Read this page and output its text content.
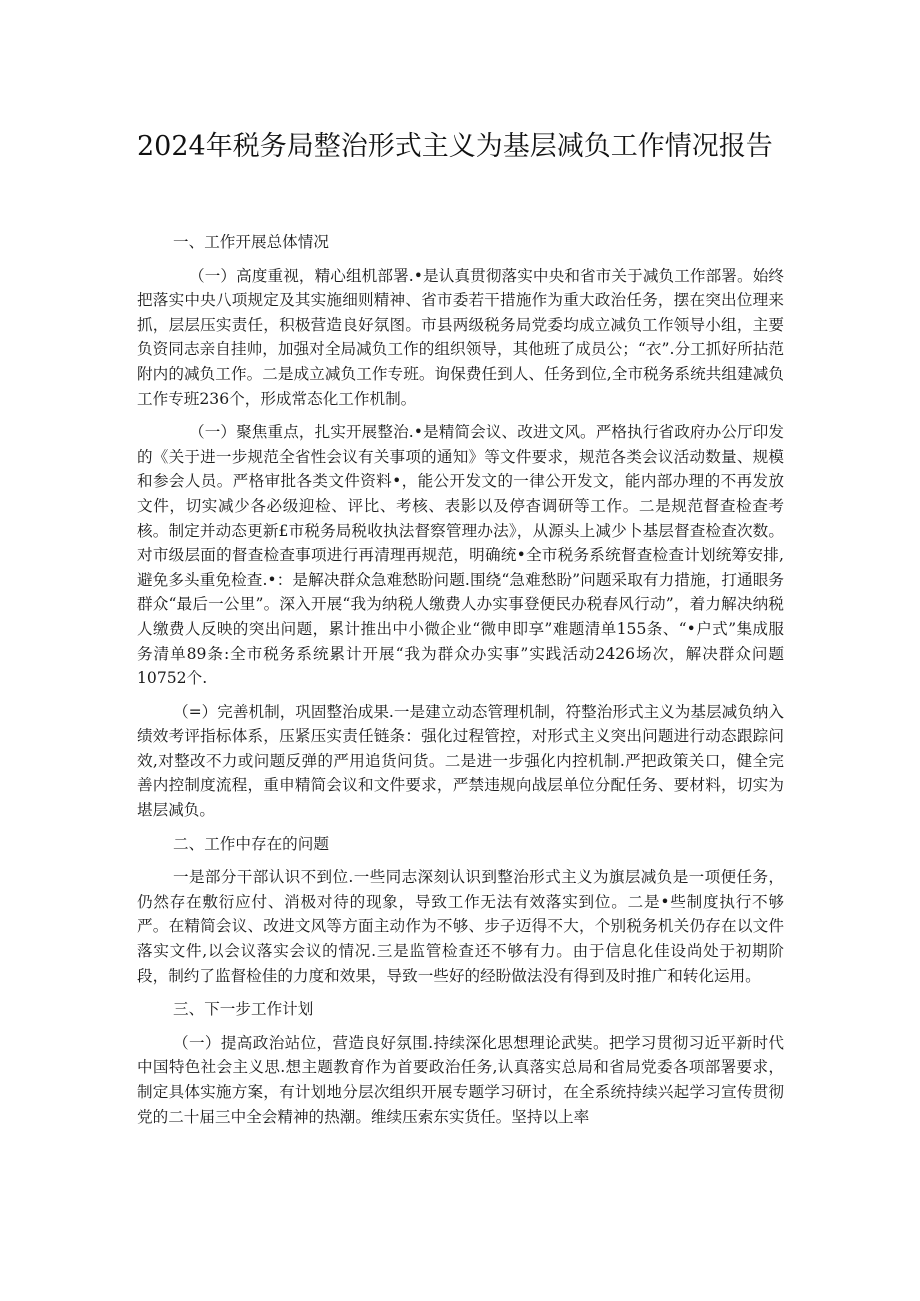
2024年税务局整治形式主义为基层减负工作情况报告

一、工作开展总体情况

（一）高度重视，精心组机部署.•是认真贯彻落实中央和省市关于减负工作部署。始终把落实中央八项规定及其实施细则精神、省市委若干措施作为重大政治任务，摆在突出位理来抓，层层压实责任，积极营造良好氛图。市县两级税务局党委均成立减负工作领导小组，主要负资同志亲自挂帅，加强对全局减负工作的组织领导，其他班了成员公；“衣”.分工抓好所拈范附内的减负工作。二是成立减负工作专班。询保费任到人、任务到位,全市税务系统共组建减负工作专班236个，形成常态化工作机制。

（一）聚焦重点，扎实开展整治.•是精简会议、改进文风。严格执行省政府办公厅印发的《关于进一步规范全省性会议有关事项的通知》等文件要求，规范各类会议活动数量、规模和参会人员。严格审批各类文件资料•，能公开发文的一律公开发文，能内部办理的不再发放文件，切实减少各必级迎检、评比、考核、表影以及停杳调研等工作。二是规范督查检查考核。制定并动态更新£市税务局税收执法督察管理办法》，从源头上减少卜基层督查检查次数。对市级层面的督查检查事项进行再清理再规范，明确统•全市税务系统督查检查计划统筹安排,避免多头重免检查.•：是解决群众急难愁盼问题.围绕“急难愁盼”问题采取有力措施，打通眼务群众“最后一公里”。深入开展“我为纳税人缴费人办实事登便民办税春风行动”，着力解决纳税人缴费人反映的突出问题，累计推出中小微企业“微申即享”难题清单155条、“•户式”集成服务清单89条:全市税务系统累计开展“我为群众办实事”实践活动2426场次，解决群众问题10752个.

（=）完善机制，巩固整治成果.一是建立动态管理机制，符整治形式主义为基层减负纳入绩效考评指标体系，压紧压实责任链条：强化过程管控，对形式主义突出问题进行动态跟踪问效,对整改不力或问题反弹的严用追货问货。二是进一步强化内控机制.严把政策关口，健全完善内控制度流程，重申精简会议和文件要求，严禁违规向战层单位分配任务、要材料，切实为堪层减负。

二、工作中存在的问题

一是部分干部认识不到位.一些同志深刻认识到整治形式主义为旗层减负是一项便任务，仍然存在敷衍应付、消极对待的现象，导致工作无法有效落实到位。二是•些制度执行不够严。在精简会议、改进文风等方面主动作为不够、步子迈得不大，个别税务机关仍存在以文件落实文件,以会议落实会议的情况.三是监管检查还不够有力。由于信息化佳设尚处于初期阶段，制约了监督检佳的力度和效果，导致一些好的经盼做法没有得到及时推广和转化运用。

三、下一步工作计划

（一）提高政治站位，营造良好氛围.持续深化思想理论武奘。把学习贯彻习近平新时代中国特色社会主义思.想主题教育作为首要政治任务,认真落实总局和省局党委各项部署要求，制定具体实施方案，有计划地分层次组织开展专题学习研讨，在全系统持续兴起学习宣传贯彻党的二十届三中全会精神的热潮。维续压索东实货任。坚持以上率
